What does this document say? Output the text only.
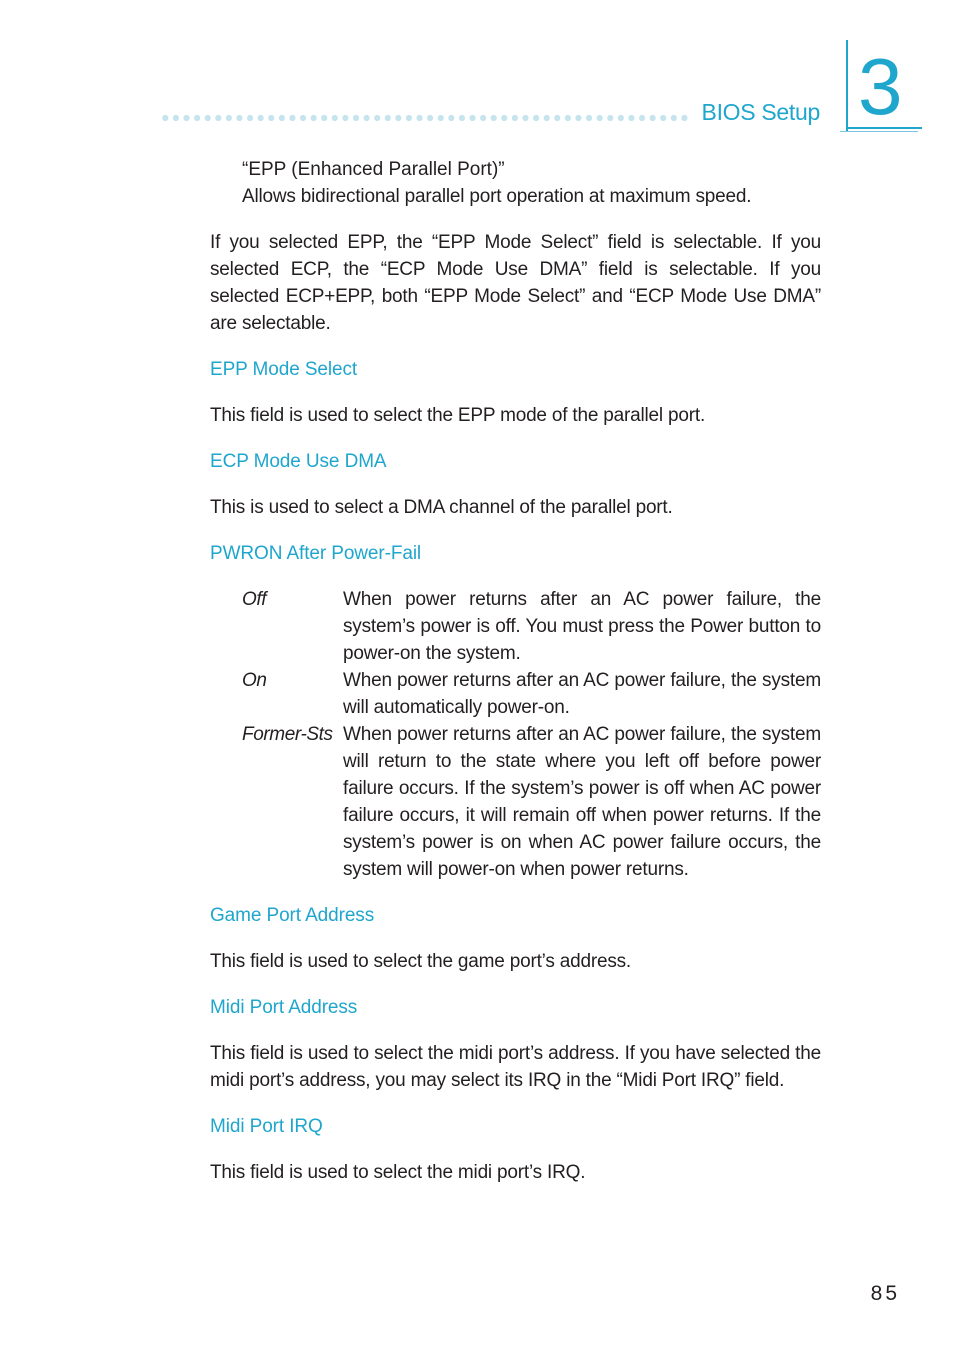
BIOS Setup 3
“EPP (Enhanced Parallel Port)”

Allows bidirectional parallel port operation at maximum speed.

If you selected EPP, the “EPP Mode Select” field is selectable. If you selected ECP, the “ECP Mode Use DMA” field is selectable. If you selected ECP+EPP, both “EPP Mode Select” and “ECP Mode Use DMA” are selectable.

EPP Mode Select

This field is used to select the EPP mode of the parallel port.

ECP Mode Use DMA

This is used to select a DMA channel of the parallel port.

PWRON After Power-Fail
Off	When power returns after an AC power failure, the system’s power is off. You must press the Power button to power-on the system.
On	When power returns after an AC power failure, the system will automatically power-on.
Former-Sts When power returns after an AC power failure, the system will return to the state where you left off before power failure occurs. If the system’s power is off when AC power failure occurs, it will remain off when power returns. If the system’s power is on when AC power failure occurs, the system will power-on when power returns.
Game Port Address

This field is used to select the game port’s address.

Midi Port Address

This field is used to select the midi port’s address. If you have selected the midi port’s address, you may select its IRQ in the “Midi Port IRQ” field.

Midi Port IRQ

This field is used to select the midi port’s IRQ.

85
